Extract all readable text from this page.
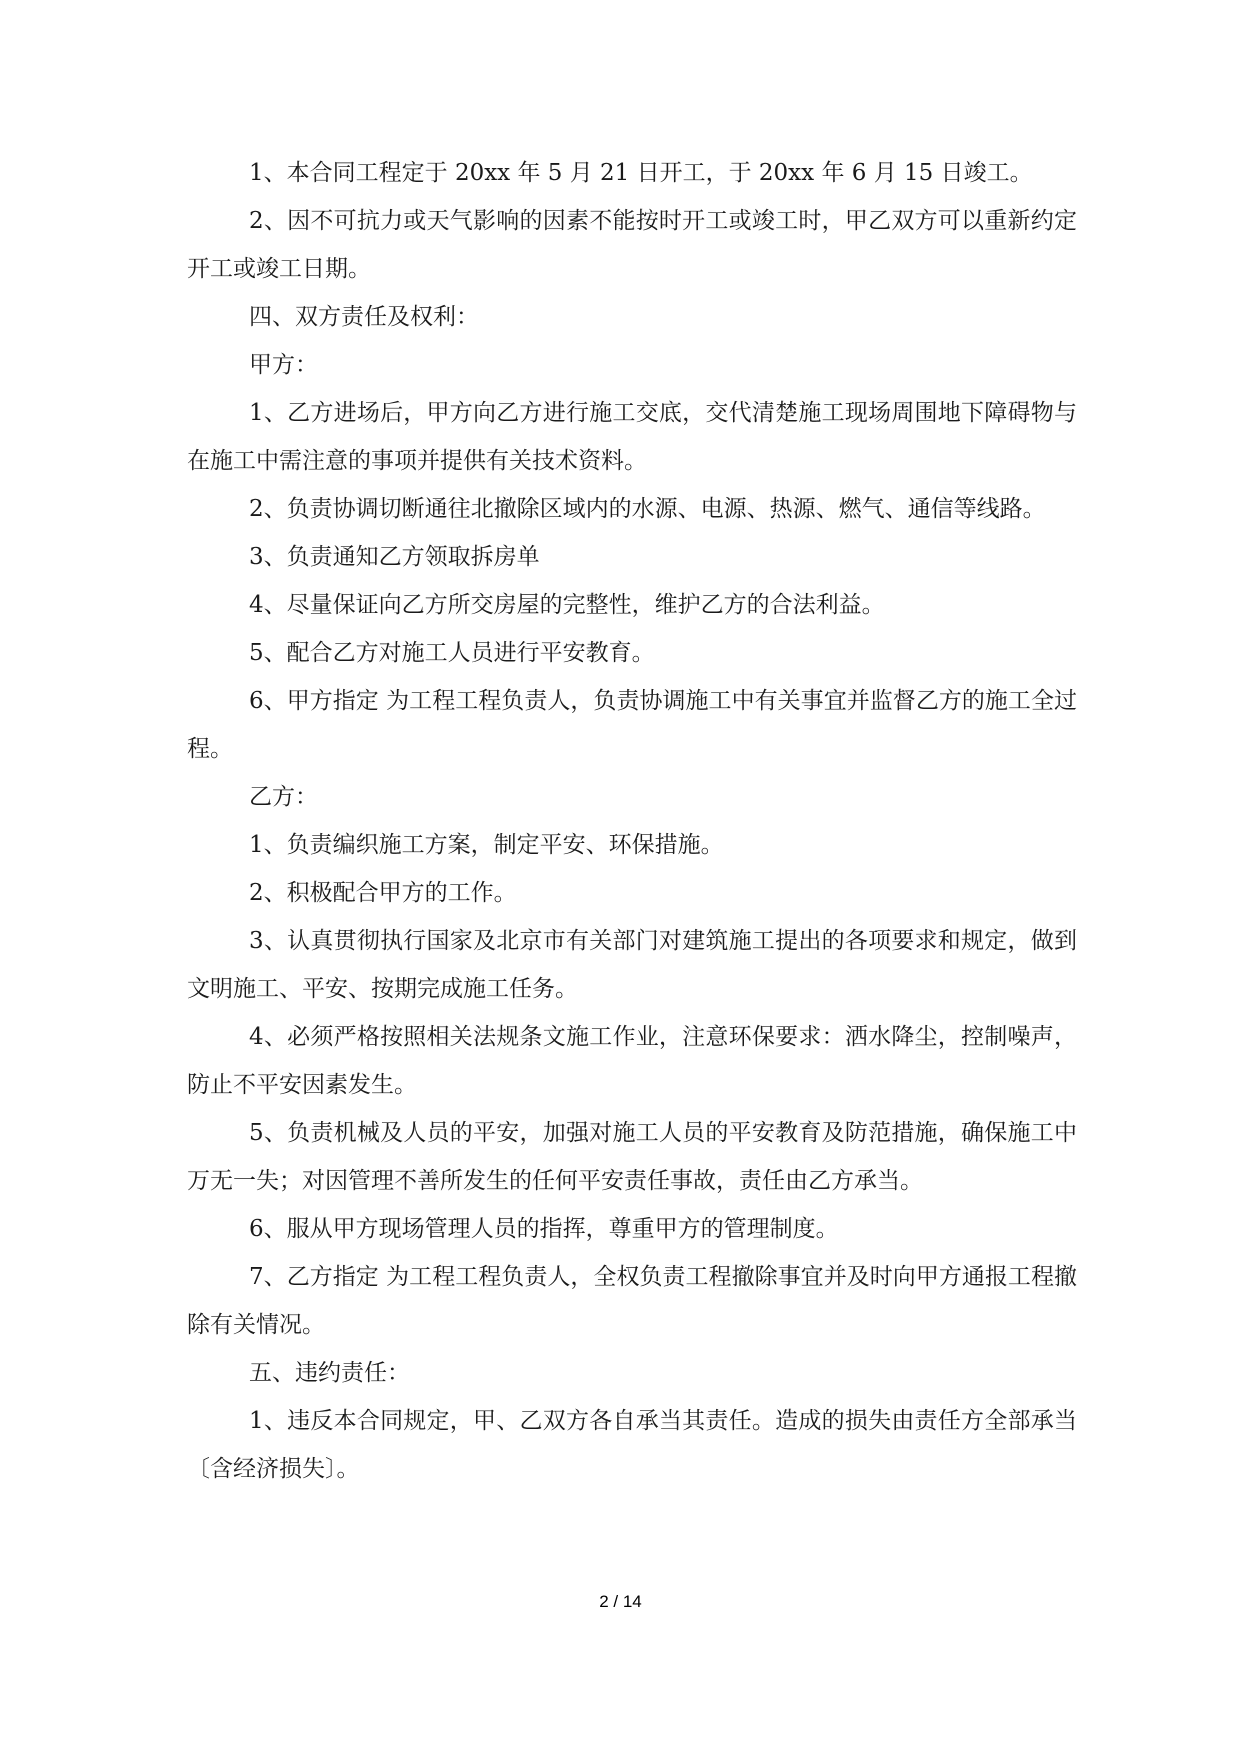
1、本合同工程定于 20xx 年 5 月 21 日开工，于 20xx 年 6 月 15 日竣工。

2、因不可抗力或天气影响的因素不能按时开工或竣工时，甲乙双方可以重新约定开工或竣工日期。

四、双方责任及权利：

甲方：

1、乙方进场后，甲方向乙方进行施工交底，交代清楚施工现场周围地下障碍物与在施工中需注意的事项并提供有关技术资料。

2、负责协调切断通往北撤除区域内的水源、电源、热源、燃气、通信等线路。

3、负责通知乙方领取拆房单

4、尽量保证向乙方所交房屋的完整性，维护乙方的合法利益。

5、配合乙方对施工人员进行平安教育。

6、甲方指定 为工程工程负责人，负责协调施工中有关事宜并监督乙方的施工全过程。

乙方：

1、负责编织施工方案，制定平安、环保措施。

2、积极配合甲方的工作。

3、认真贯彻执行国家及北京市有关部门对建筑施工提出的各项要求和规定，做到文明施工、平安、按期完成施工任务。

4、必须严格按照相关法规条文施工作业，注意环保要求：洒水降尘，控制噪声，防止不平安因素发生。

5、负责机械及人员的平安，加强对施工人员的平安教育及防范措施，确保施工中万无一失；对因管理不善所发生的任何平安责任事故，责任由乙方承当。

6、服从甲方现场管理人员的指挥，尊重甲方的管理制度。

7、乙方指定 为工程工程负责人，全权负责工程撤除事宜并及时向甲方通报工程撤除有关情况。

五、违约责任：

1、违反本合同规定，甲、乙双方各自承当其责任。造成的损失由责任方全部承当〔含经济损失〕。

2 / 14
